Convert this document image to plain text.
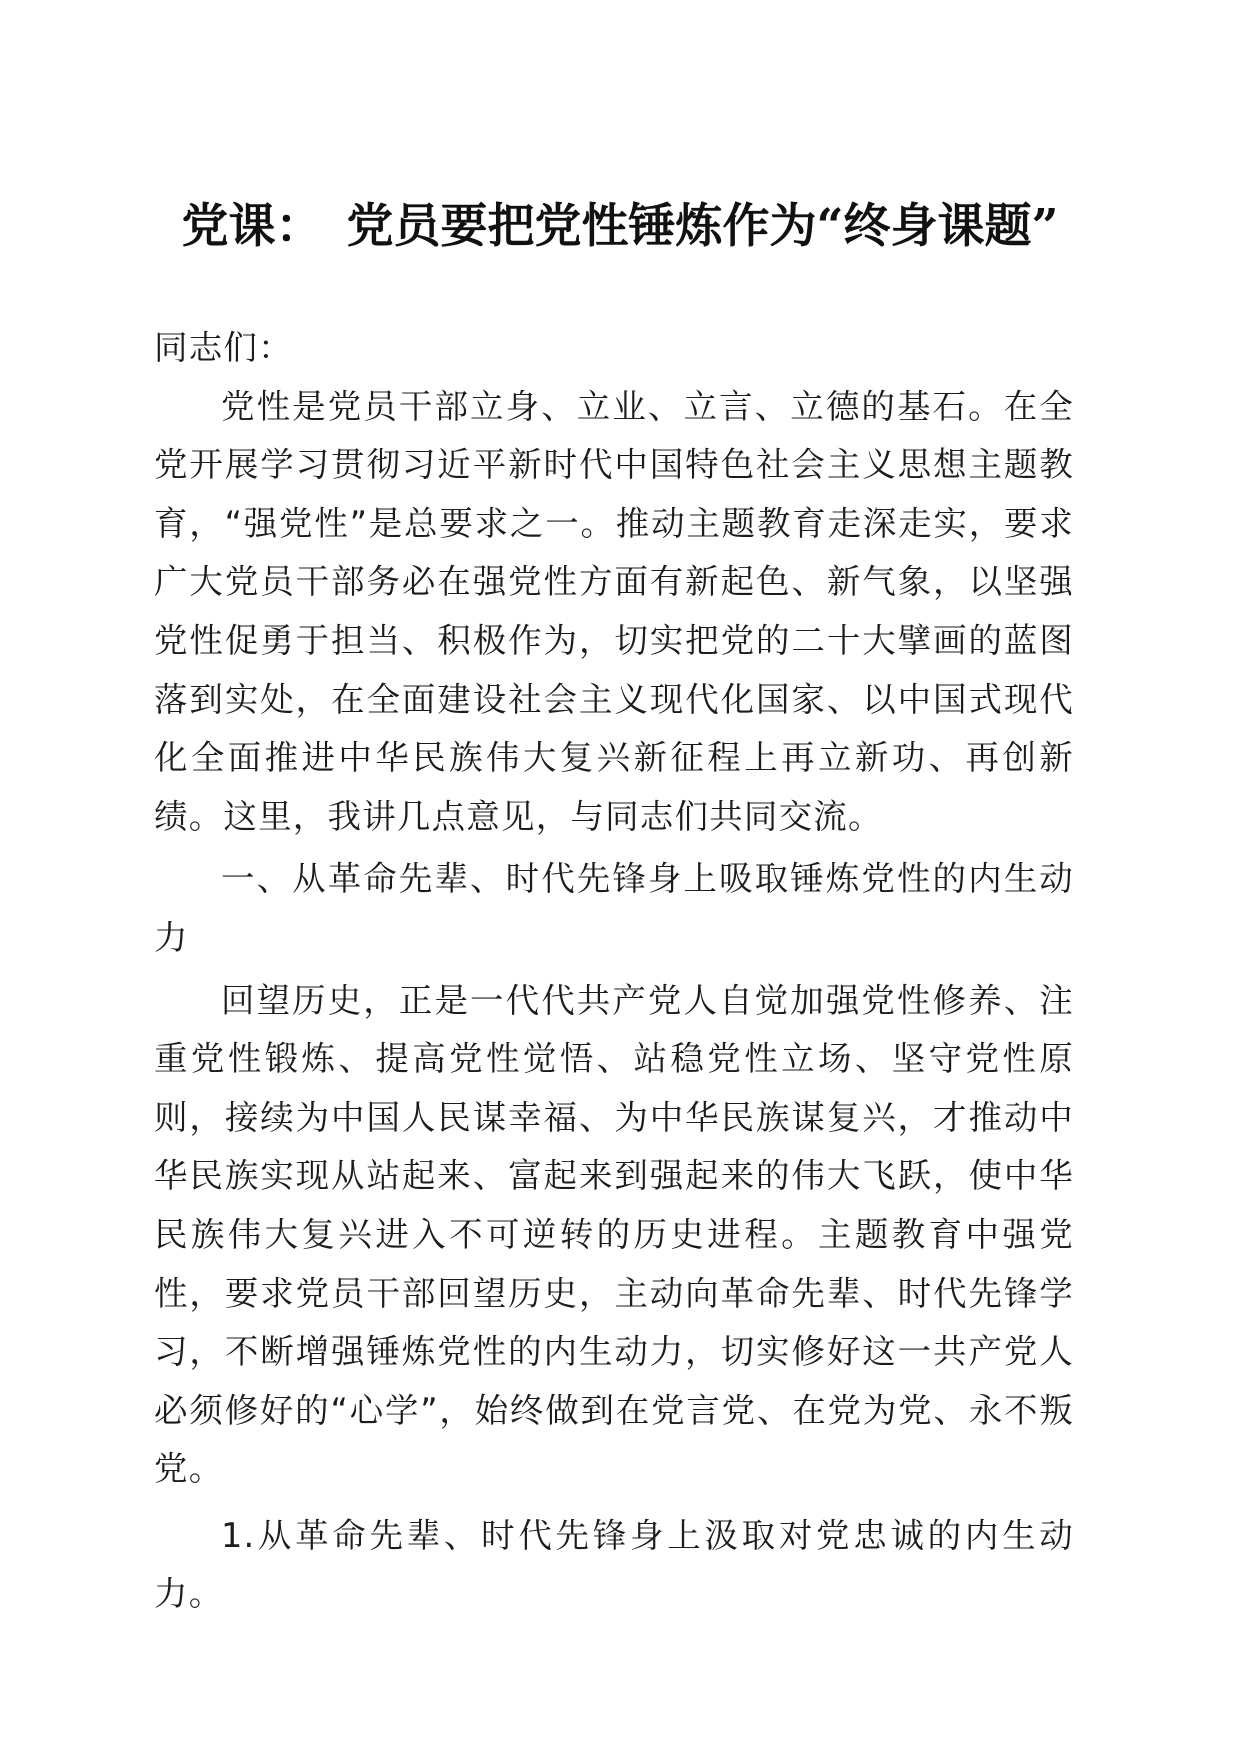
党课： 党员要把党性锤炼作为“终身课题”

同志们：

党性是党员干部立身、立业、立言、立德的基石。在全党开展学习贯彻习近平新时代中国特色社会主义思想主题教育，“强党性”是总要求之一。推动主题教育走深走实，要求广大党员干部务必在强党性方面有新起色、新气象，以坚强党性促勇于担当、积极作为，切实把党的二十大擘画的蓝图落到实处，在全面建设社会主义现代化国家、以中国式现代化全面推进中华民族伟大复兴新征程上再立新功、再创新绩。这里，我讲几点意见，与同志们共同交流。

一、从革命先辈、时代先锋身上吸取锤炼党性的内生动力

回望历史，正是一代代共产党人自觉加强党性修养、注重党性锻炼、提高党性觉悟、站稳党性立场、坚守党性原则，接续为中国人民谋幸福、为中华民族谋复兴，才推动中华民族实现从站起来、富起来到强起来的伟大飞跃，使中华民族伟大复兴进入不可逆转的历史进程。主题教育中强党性，要求党员干部回望历史，主动向革命先辈、时代先锋学习，不断增强锤炼党性的内生动力，切实修好这一共产党人必须修好的“心学”，始终做到在党言党、在党为党、永不叛党。

1.从革命先辈、时代先锋身上汲取对党忠诚的内生动力。
